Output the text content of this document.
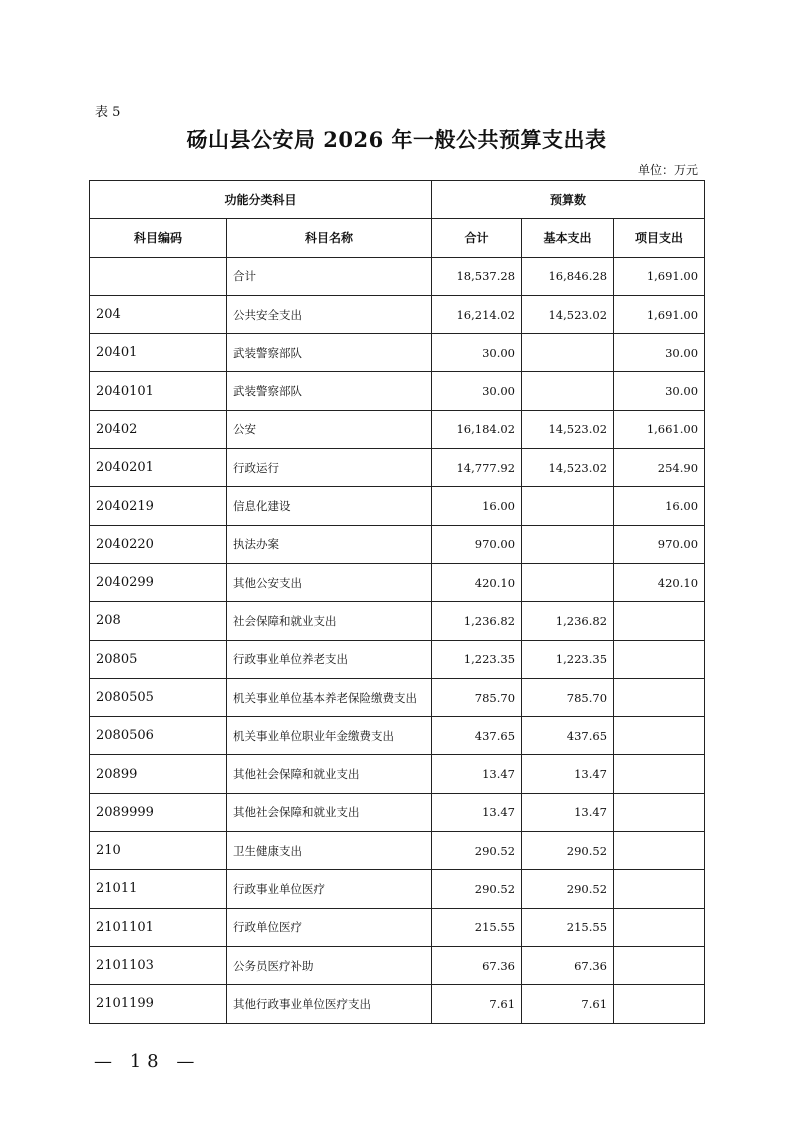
表 5
砀山县公安局 2026 年一般公共预算支出表
单位：万元
功能分类科目		预算数		
科目编码	科目名称	合计	基本支出	项目支出
	合计	18,537.28	16,846.28	1,691.00
204	公共安全支出	16,214.02	14,523.02	1,691.00
20401	武装警察部队	30.00		30.00
2040101	武装警察部队	30.00		30.00
20402	公安	16,184.02	14,523.02	1,661.00
2040201	行政运行	14,777.92	14,523.02	254.90
2040219	信息化建设	16.00		16.00
2040220	执法办案	970.00		970.00
2040299	其他公安支出	420.10		420.10
208	社会保障和就业支出	1,236.82	1,236.82	
20805	行政事业单位养老支出	1,223.35	1,223.35	
2080505	机关事业单位基本养老保险缴费支出	785.70	785.70	
2080506	机关事业单位职业年金缴费支出	437.65	437.65	
20899	其他社会保障和就业支出	13.47	13.47	
2089999	其他社会保障和就业支出	13.47	13.47	
210	卫生健康支出	290.52	290.52	
21011	行政事业单位医疗	290.52	290.52	
2101101	行政单位医疗	215.55	215.55	
2101103	公务员医疗补助	67.36	67.36	
2101199	其他行政事业单位医疗支出	7.61	7.61	
— 18 —
